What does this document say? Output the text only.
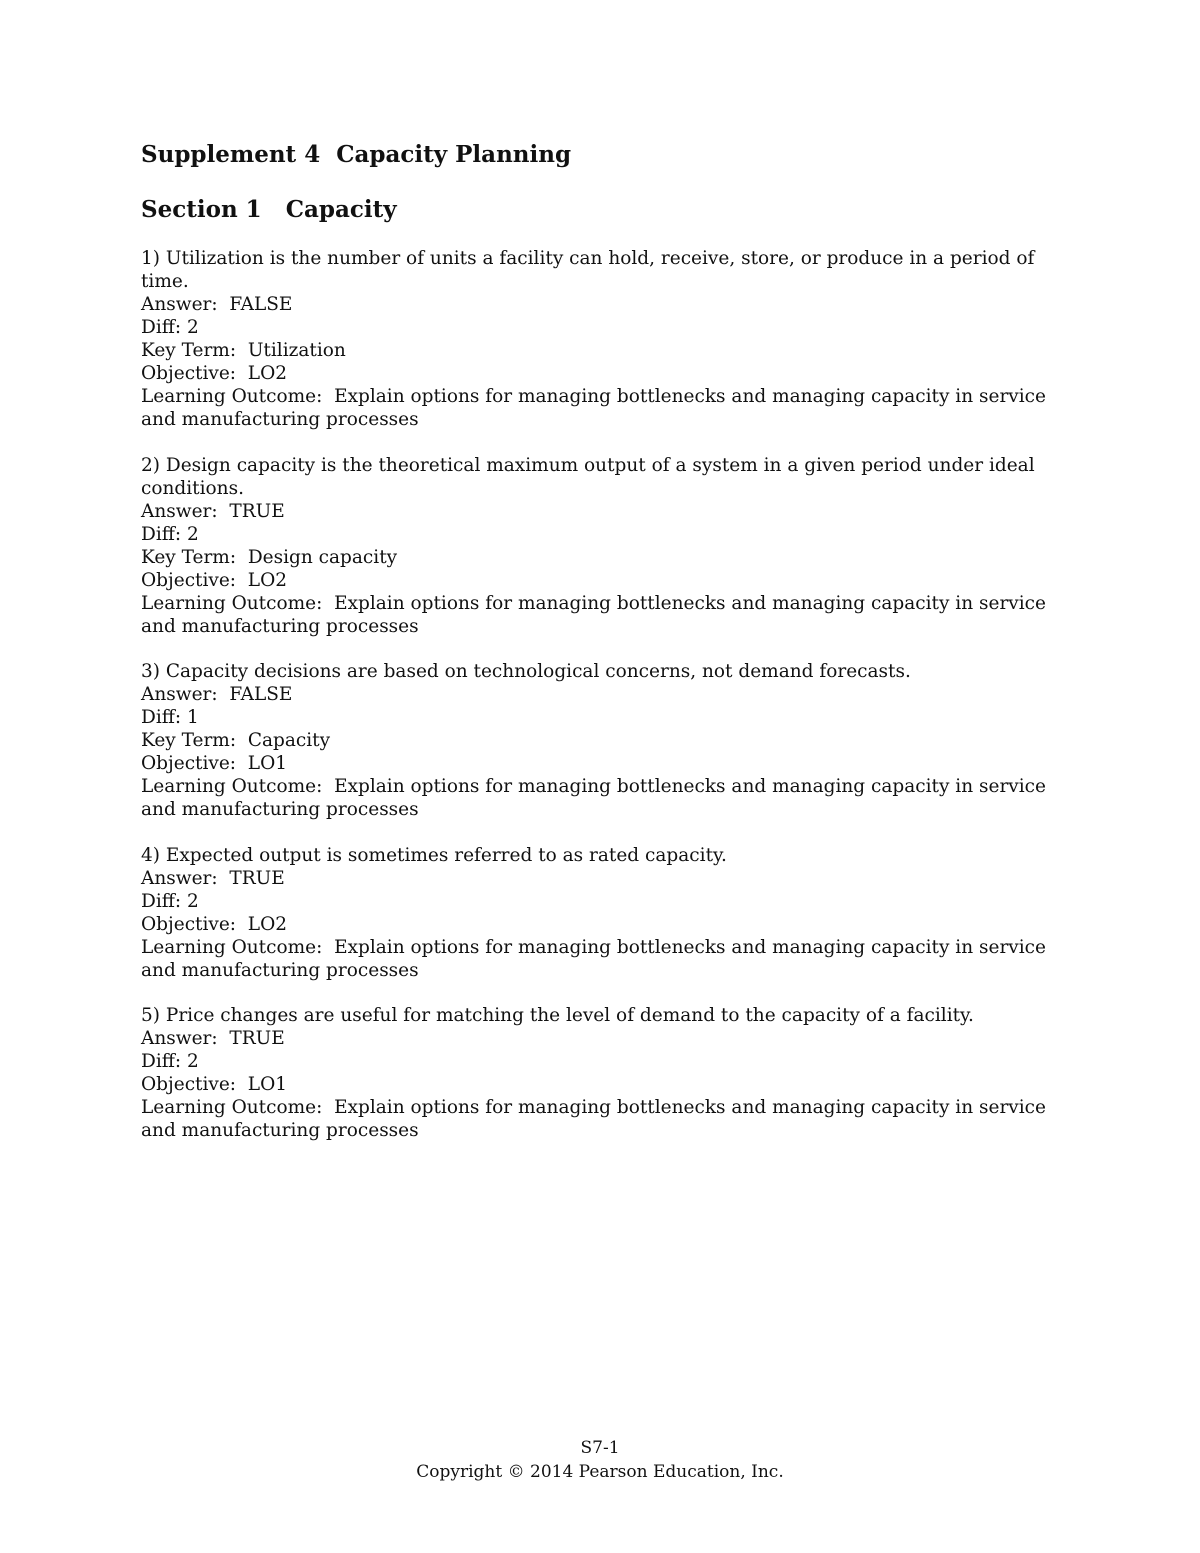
Supplement 4  Capacity Planning
Section 1   Capacity
1) Utilization is the number of units a facility can hold, receive, store, or produce in a period of time.
Answer:  FALSE
Diff: 2
Key Term:  Utilization
Objective:  LO2
Learning Outcome:  Explain options for managing bottlenecks and managing capacity in service and manufacturing processes
2) Design capacity is the theoretical maximum output of a system in a given period under ideal conditions.
Answer:  TRUE
Diff: 2
Key Term:  Design capacity
Objective:  LO2
Learning Outcome:  Explain options for managing bottlenecks and managing capacity in service and manufacturing processes
3) Capacity decisions are based on technological concerns, not demand forecasts.
Answer:  FALSE
Diff: 1
Key Term:  Capacity
Objective:  LO1
Learning Outcome:  Explain options for managing bottlenecks and managing capacity in service and manufacturing processes
4) Expected output is sometimes referred to as rated capacity.
Answer:  TRUE
Diff: 2
Objective:  LO2
Learning Outcome:  Explain options for managing bottlenecks and managing capacity in service and manufacturing processes
5) Price changes are useful for matching the level of demand to the capacity of a facility.
Answer:  TRUE
Diff: 2
Objective:  LO1
Learning Outcome:  Explain options for managing bottlenecks and managing capacity in service and manufacturing processes
S7-1
Copyright © 2014 Pearson Education, Inc.
